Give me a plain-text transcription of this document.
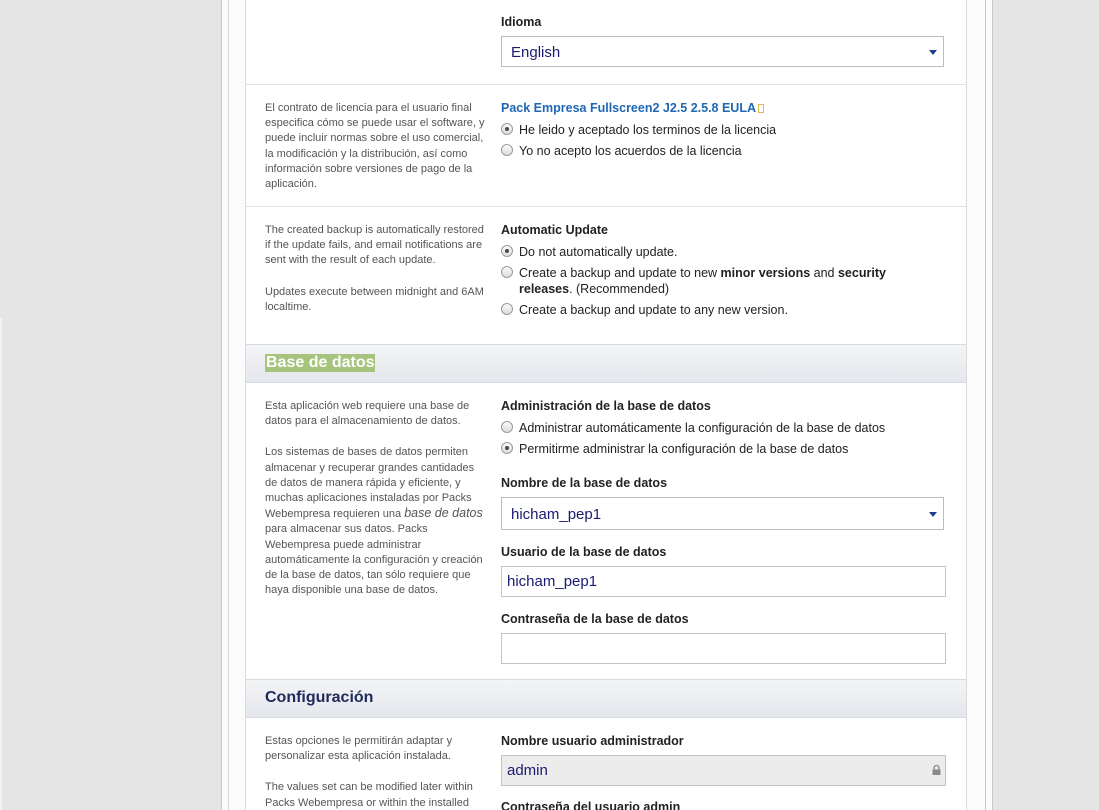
Idioma
English

El contrato de licencia para el usuario final especifica cómo se puede usar el software, y puede incluir normas sobre el uso comercial, la modificación y la distribución, así como información sobre versiones de pago de la aplicación.

Pack Empresa Fullscreen2 J2.5 2.5.8 EULA
He leido y aceptado los terminos de la licencia
Yo no acepto los acuerdos de la licencia

The created backup is automatically restored if the update fails, and email notifications are sent with the result of each update.

Updates execute between midnight and 6AM localtime.

Automatic Update
Do not automatically update.
Create a backup and update to new minor versions and security releases. (Recommended)
Create a backup and update to any new version.
Base de datos

Esta aplicación web requiere una base de datos para el almacenamiento de datos.

Los sistemas de bases de datos permiten almacenar y recuperar grandes cantidades de datos de manera rápida y eficiente, y muchas aplicaciones instaladas por Packs Webempresa requieren una base de datos para almacenar sus datos. Packs Webempresa puede administrar automáticamente la configuración y creación de la base de datos, tan sólo requiere que haya disponible una base de datos.

Administración de la base de datos
Administrar automáticamente la configuración de la base de datos
Permitirme administrar la configuración de la base de datos
Nombre de la base de datos
hicham_pep1
Usuario de la base de datos
hicham_pep1
Contraseña de la base de datos
Configuración

Estas opciones le permitirán adaptar y personalizar esta aplicación instalada.

The values set can be modified later within Packs Webempresa or within the installed

Nombre usuario administrador
admin
Contraseña del usuario admin
